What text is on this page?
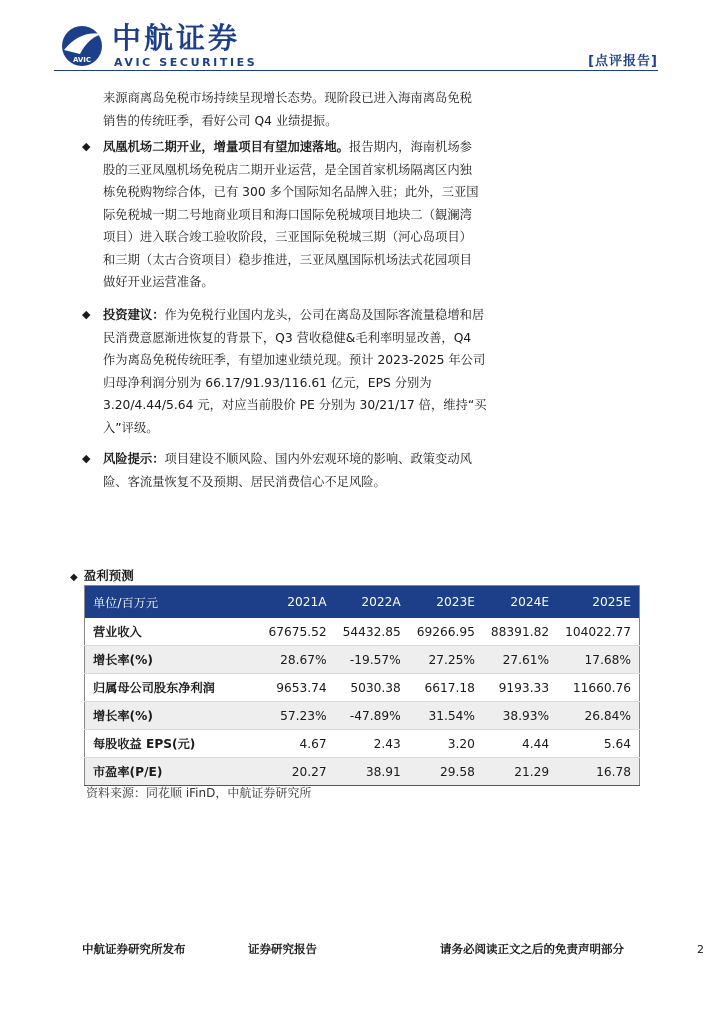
AVIC
中航证券
AVIC SECURITIES	[点评报告]
来源商离岛免税市场持续呈现增长态势。现阶段已进入海南离岛免税
销售的传统旺季，看好公司 Q4 业绩提振。
◆	凤凰机场二期开业，增量项目有望加速落地。报告期内，海南机场参
股的三亚凤凰机场免税店二期开业运营，是全国首家机场隔离区内独
栋免税购物综合体，已有 300 多个国际知名品牌入驻；此外，三亚国
际免税城一期二号地商业项目和海口国际免税城项目地块二（観澜湾
项目）进入联合竣工验收阶段，三亚国际免税城三期（河心岛项目）
和三期（太古合资项目）稳步推进，三亚凤凰国际机场法式花园项目
做好开业运营准备。
◆	投资建议：作为免税行业国内龙头，公司在离岛及国际客流量稳增和居
民消费意愿渐进恢复的背景下，Q3 营收稳健&毛利率明显改善，Q4
作为离岛免税传统旺季，有望加速业绩兑现。预计 2023-2025 年公司
归母净利润分别为 66.17/91.93/116.61 亿元，EPS 分别为
3.20/4.44/5.64 元，对应当前股价 PE 分别为 30/21/17 倍，维持“买
入”评级。
◆	风险提示：项目建设不顺风险、国内外宏观环境的影响、政策变动风
险、客流量恢复不及预期、居民消费信心不足风险。
◆ 盈利预测
单位/百万元	2021A	2022A	2023E	2024E	2025E
营业收入	67675.52	54432.85	69266.95	88391.82	104022.77
增长率(%)	28.67%	-19.57%	27.25%	27.61%	17.68%
归属母公司股东净利润	9653.74	5030.38	6617.18	9193.33	11660.76
增长率(%)	57.23%	-47.89%	31.54%	38.93%	26.84%
每股收益 EPS(元)	4.67	2.43	3.20	4.44	5.64
市盈率(P/E)	20.27	38.91	29.58	21.29	16.78
资料来源：同花顺 iFinD，中航证券研究所
中航证券研究所发布	证券研究报告	请务必阅读正文之后的免责声明部分	2
